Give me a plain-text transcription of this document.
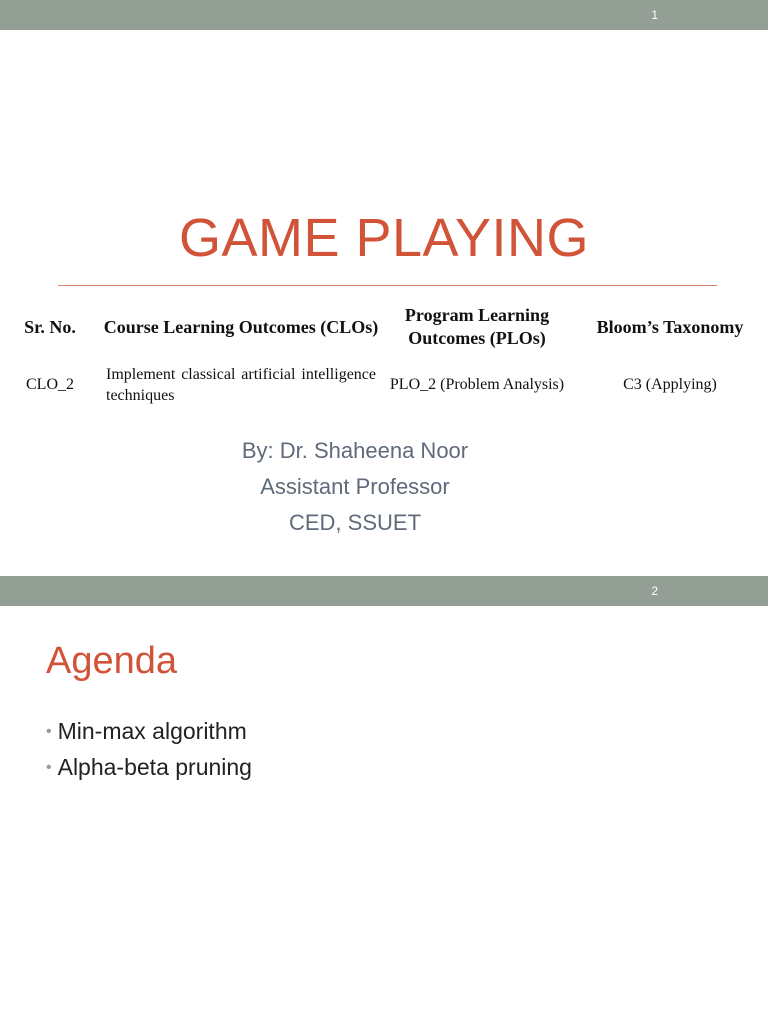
1
GAME PLAYING
Sr. No.	Course Learning Outcomes (CLOs)	Program Learning Outcomes (PLOs)	Bloom’s Taxonomy
CLO_2	Implement classical artificial intelligence techniques	PLO_2 (Problem Analysis)	C3 (Applying)
By: Dr. Shaheena Noor
Assistant Professor
CED, SSUET
2
Agenda
• Min-max algorithm
• Alpha-beta pruning
